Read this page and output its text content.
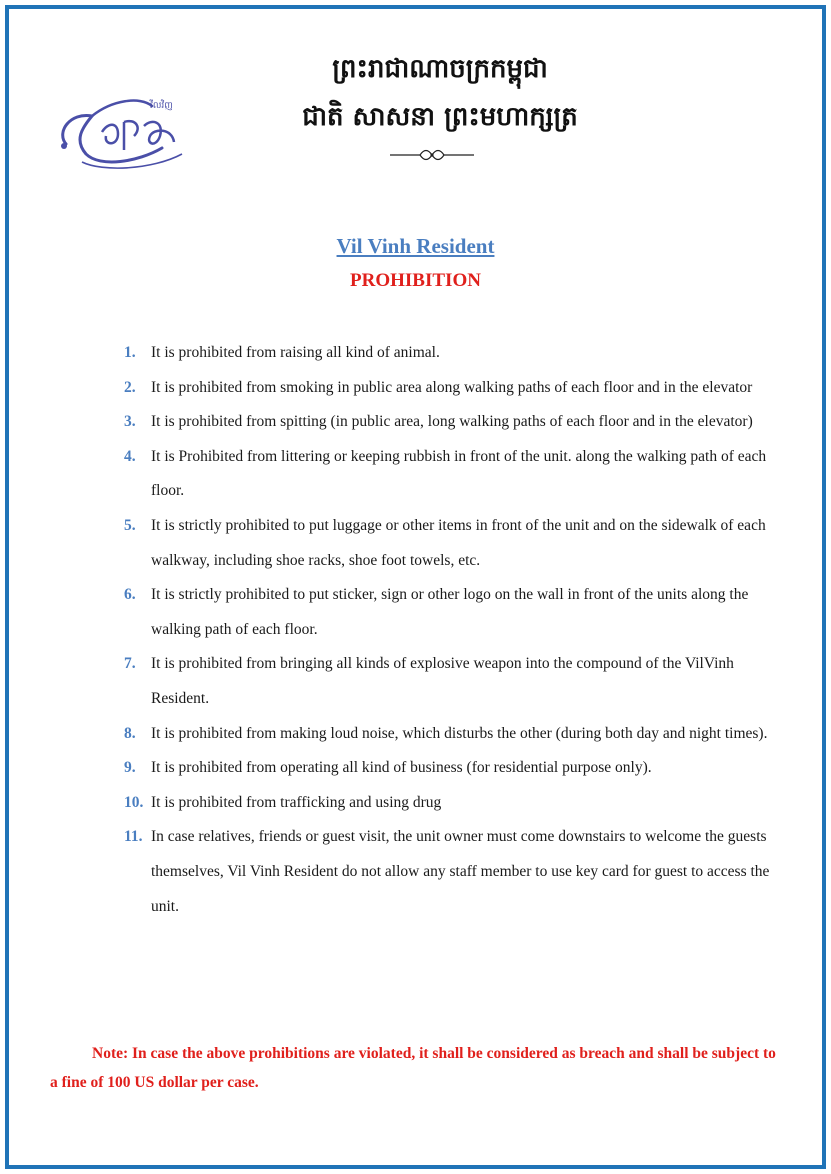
វីលវិញ
ព្រះរាជាណាចក្រកម្ពុជា
ជាតិ សាសនា ព្រះមហាក្សត្រ
Vil Vinh Resident
PROHIBITION
1. It is prohibited from raising all kind of animal.
2. It is prohibited from smoking in public area along walking paths of each floor and in the elevator
3. It is prohibited from spitting (in public area, long walking paths of each floor and in the elevator)
4. It is Prohibited from littering or keeping rubbish in front of the unit. along the walking path of each floor.
5. It is strictly prohibited to put luggage or other items in front of the unit and on the sidewalk of each walkway, including shoe racks, shoe foot towels, etc.
6. It is strictly prohibited to put sticker, sign or other logo on the wall in front of the units along the walking path of each floor.
7. It is prohibited from bringing all kinds of explosive weapon into the compound of the VilVinh Resident.
8. It is prohibited from making loud noise, which disturbs the other (during both day and night times).
9. It is prohibited from operating all kind of business (for residential purpose only).
10. It is prohibited from trafficking and using drug
11. In case relatives, friends or guest visit, the unit owner must come downstairs to welcome the guests themselves, Vil Vinh Resident do not allow any staff member to use key card for guest to access the unit.
Note: In case the above prohibitions are violated, it shall be considered as breach and shall be subject to a fine of 100 US dollar per case.
